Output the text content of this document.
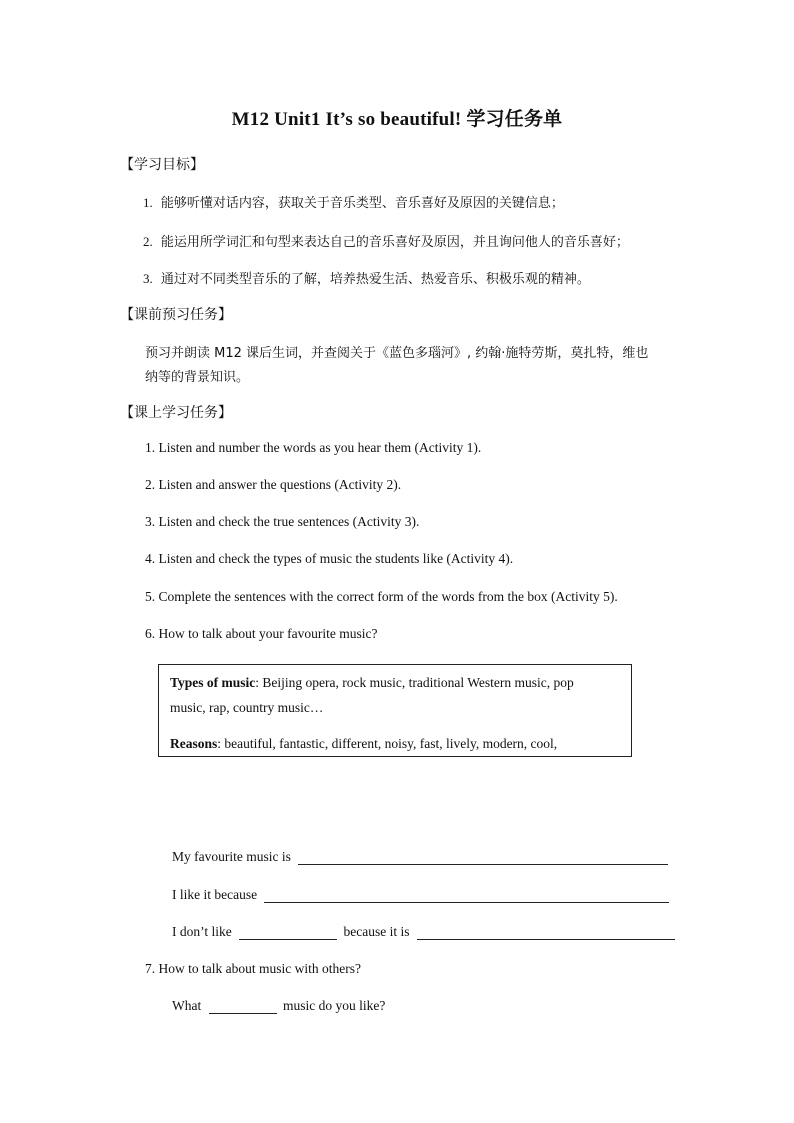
M12 Unit1 It’s so beautiful! 学习任务单
【学习目标】
1. 能够听懂对话内容，获取关于音乐类型、音乐喜好及原因的关键信息；
2. 能运用所学词汇和句型来表达自己的音乐喜好及原因，并且询问他人的音乐喜好；
3. 通过对不同类型音乐的了解，培养热爱生活、热爱音乐、积极乐观的精神。
【课前预习任务】
预习并朗读 M12 课后生词，并查阅关于《蓝色多瑙河》, 约翰·施特劳斯，莫扎特，维也
纳等的背景知识。
【课上学习任务】
1. Listen and number the words as you hear them (Activity 1).
2. Listen and answer the questions (Activity 2).
3. Listen and check the true sentences (Activity 3).
4. Listen and check the types of music the students like (Activity 4).
5. Complete the sentences with the correct form of the words from the box (Activity 5).
6. How to talk about your favourite music?
Types of music: Beijing opera, rock music, traditional Western music, pop
music, rap, country music…
Reasons: beautiful, fantastic, different, noisy, fast, lively, modern, cool,
My favourite music is
I like it because
I don’t like	because it is
7. How to talk about music with others?
What	music do you like?
